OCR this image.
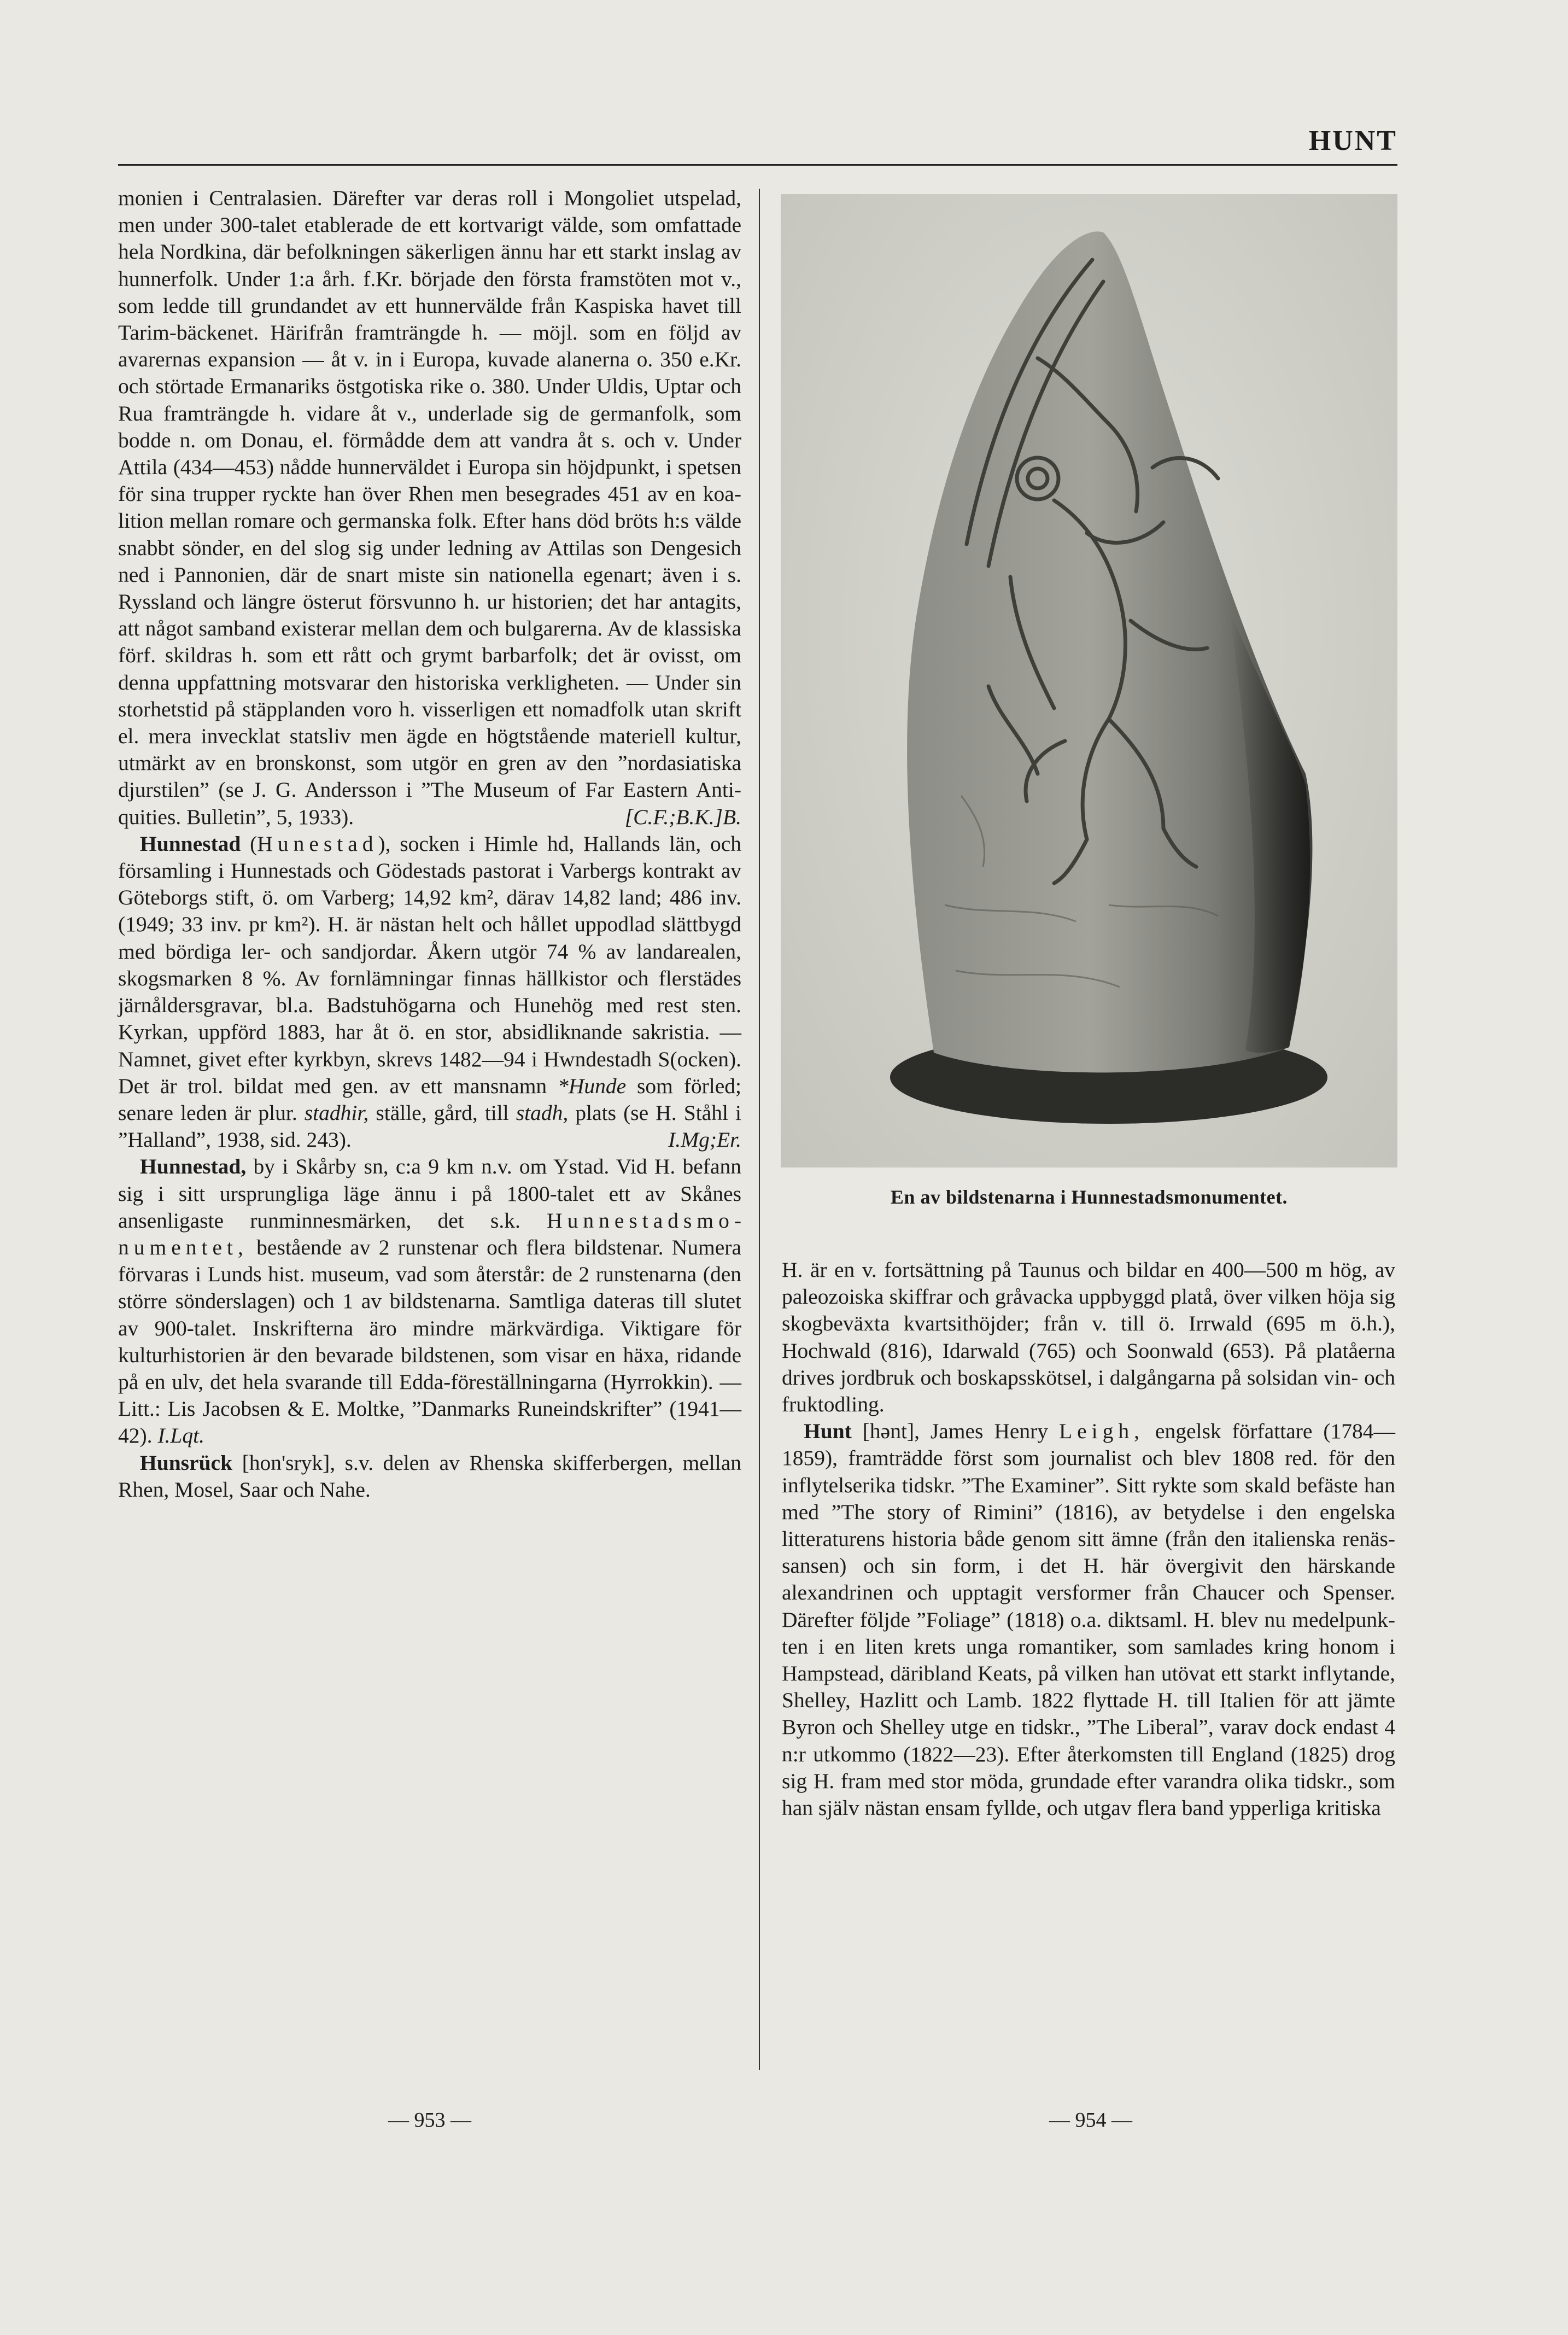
HUNT

monien i Centralasien. Därefter var deras roll i Mongoliet utspelad, men under 300-talet etablerade de ett kortvarigt välde, som omfattade hela Nordkina, där befolkningen säkerligen ännu har ett starkt inslag av hunnerfolk. Under 1:a årh. f.Kr. började den första framstöten mot v., som ledde till grundandet av ett hunnervälde från Kaspiska havet till Tarim-bäckenet. Härifrån framträngde h. — möjl. som en följd av avarernas expansion — åt v. in i Europa, kuvade alanerna o. 350 e.Kr. och störtade Ermanariks östgotiska rike o. 380. Under Uldis, Uptar och Rua framträngde h. vidare åt v., underlade sig de germanfolk, som bodde n. om Donau, el. förmådde dem att vandra åt s. och v. Under Attila (434—453) nådde hunnerväldet i Europa sin höjdpunkt, i spetsen för sina trupper ryckte han över Rhen men besegrades 451 av en koalition mellan romare och germanska folk. Efter hans död bröts h:s välde snabbt sönder, en del slog sig under ledning av Attilas son Dengesich ned i Pannonien, där de snart miste sin nationella egenart; även i s. Ryssland och längre österut försvunno h. ur historien; det har antagits, att något samband existerar mellan dem och bulgarerna. Av de klassiska förf. skildras h. som ett rått och grymt barbarfolk; det är ovisst, om denna uppfattning motsvarar den historiska verkligheten. — Under sin storhetstid på stäpplanden voro h. visserligen ett nomadfolk utan skrift el. mera invecklat statsliv men ägde en högtstående materiell kultur, utmärkt av en bronskonst, som utgör en gren av den ”nordasiatiska djurstilen” (se J. G. Andersson i ”The Museum of Far Eastern Antiquities. Bulletin”, 5, 1933).	[C.F.;B.K.]B.

Hunnestad (Hunestad), socken i Himle hd, Hallands län, och församling i Hunnestads och Gödestads pastorat i Varbergs kontrakt av Göteborgs stift, ö. om Varberg; 14,92 km², därav 14,82 land; 486 inv. (1949; 33 inv. pr km²). H. är nästan helt och hållet uppodlad slättbygd med bördiga ler- och sandjordar. Åkern utgör 74 % av landarealen, skogsmarken 8 %. Av fornlämningar finnas hällkistor och flerstädes järnåldersgravar, bl.a. Badstuhögarna och Hunehög med rest sten. Kyrkan, uppförd 1883, har åt ö. en stor, absidliknande sakristia. — Namnet, givet efter kyrkbyn, skrevs 1482—94 i Hwndestadh S(ocken). Det är trol. bildat med gen. av ett mansnamn *Hunde som förled; senare leden är plur. stadhir, ställe, gård, till stadh, plats (se H. Ståhl i ”Halland”, 1938, sid. 243).	I.Mg;Er.

Hunnestad, by i Skårby sn, c:a 9 km n.v. om Ystad. Vid H. befann sig i sitt ursprungliga läge ännu i på 1800-talet ett av Skånes ansenligaste runminnesmärken, det s.k. Hunnestadsmonumentet, bestående av 2 runstenar och flera bildstenar. Numera förvaras i Lunds hist. museum, vad som återstår: de 2 runstenarna (den större sönderslagen) och 1 av bildstenarna. Samtliga dateras till slutet av 900-talet. Inskrifterna äro mindre märkvärdiga. Viktigare för kulturhistorien är den bevarade bildstenen, som visar en häxa, ridande på en ulv, det hela svarande till Edda-föreställningarna (Hyrrokkin). — Litt.: Lis Jacobsen & E. Moltke, ”Danmarks Runeindskrifter” (1941—42). I.Lqt.

Hunsrück [hon'sryk], s.v. delen av Rhenska skifferbergen, mellan Rhen, Mosel, Saar och Nahe.

En av bildstenarna i Hunnestadsmonumentet.

H. är en v. fortsättning på Taunus och bildar en 400—500 m hög, av paleozoiska skiffrar och gråvacka uppbyggd platå, över vilken höja sig skogbeväxta kvartsithöjder; från v. till ö. Irrwald (695 m ö.h.), Hochwald (816), Idarwald (765) och Soonwald (653). På platåerna drives jordbruk och boskapsskötsel, i dalgångarna på solsidan vin- och fruktodling.

Hunt [hənt], James Henry Leigh, engelsk författare (1784—1859), framträdde först som journalist och blev 1808 red. för den inflytelserika tidskr. ”The Examiner”. Sitt rykte som skald befäste han med ”The story of Rimini” (1816), av betydelse i den engelska litteraturens historia både genom sitt ämne (från den italienska renässansen) och sin form, i det H. här övergivit den härskande alexandrinen och upptagit versformer från Chaucer och Spenser. Därefter följde ”Foliage” (1818) o.a. diktsaml. H. blev nu medelpunkten i en liten krets unga romantiker, som samlades kring honom i Hampstead, däribland Keats, på vilken han utövat ett starkt inflytande, Shelley, Hazlitt och Lamb. 1822 flyttade H. till Italien för att jämte Byron och Shelley utge en tidskr., ”The Liberal”, varav dock endast 4 n:r utkommo (1822—23). Efter återkomsten till England (1825) drog sig H. fram med stor möda, grundade efter varandra olika tidskr., som han själv nästan ensam fyllde, och utgav flera band ypperliga kritiska

— 953 —	— 954 —
